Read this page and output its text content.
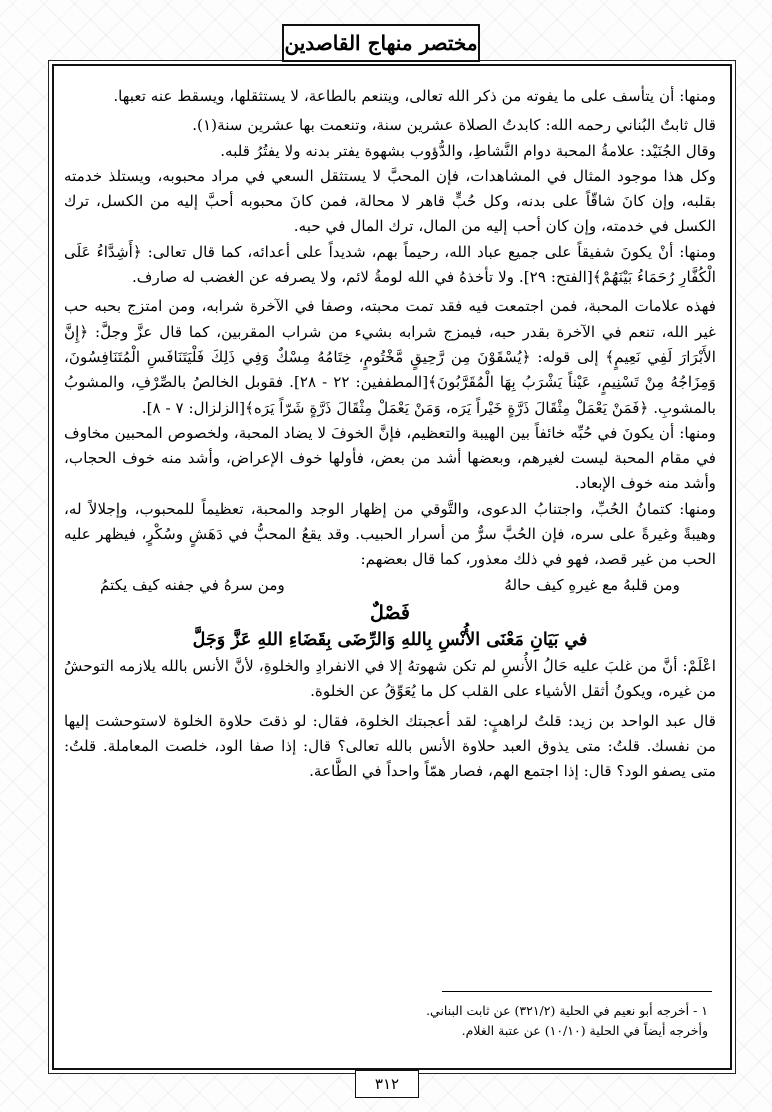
مختصر منهاج القاصدين

ومنها: أن يتأسف على ما يفوته من ذكر الله تعالى، ويتنعم بالطاعة، لا يستثقلها، ويسقط عنه تعبها.

قال ثابتٌ البُناني رحمه الله: كابدتُ الصلاة عشرين سنة، وتنعمت بها عشرين سنة(١).

وقال الجُنَيْد: علامةُ المحبة دوام النَّشاطِ، والدُّؤوب بشهوة يفتر بدنه ولا يفتُرُ قلبه.

وكل هذا موجود المثال في المشاهدات، فإن المحبَّ لا يستثقل السعي في مراد محبوبه، ويستلذ خدمته بقلبه، وإن كانَ شاقّاً على بدنه، وكل حُبٍّ قاهر لا محالة، فمن كانَ محبوبه أحبَّ إليه من الكسل، ترك الكسل في خدمته، وإن كان أحب إليه من المال، ترك المال في حبه.

ومنها: أنْ يكونَ شفيقاً على جميع عباد الله، رحيماً بهم، شديداً على أعدائه، كما قال تعالى: ﴿أَشِدَّاءُ عَلَى الْكُفَّارِ رُحَمَاءُ بَيْنَهُمْ﴾[الفتح: ٢٩]. ولا تأخذهُ في الله لومةُ لائم، ولا يصرفه عن الغضب له صارف.

فهذه علامات المحبة، فمن اجتمعت فيه فقد تمت محبته، وصفا في الآخرة شرابه، ومن امتزج بحبه حب غير الله، تنعم في الآخرة بقدر حبه، فيمزج شرابه بشيء من شراب المقربين، كما قال عزَّ وجلَّ: ﴿إِنَّ الأَبْرَارَ لَفِي نَعِيمٍ﴾ إلى قوله: ﴿يُسْقَوْنَ مِن رَّحِيقٍ مَّخْتُومٍ، خِتَامُهُ مِسْكٌ وَفِي ذَلِكَ فَلْيَتَنَافَسِ الْمُتَنَافِسُونَ، وَمِزَاجُهُ مِنْ تَسْنِيمٍ، عَيْناً يَشْرَبُ بِهَا الْمُقَرَّبُونَ﴾[المطففين: ٢٢ - ٢٨]. فقوبل الخالصُ بالصِّرْفِ، والمشوبُ بالمشوبِ. ﴿فَمَنْ يَعْمَلْ مِثْقَالَ ذَرَّةٍ خَيْراً يَرَه، وَمَنْ يَعْمَلْ مِثْقَالَ ذَرَّةٍ شَرّاً يَرَه﴾[الزلزال: ٧ - ٨].

ومنها: أن يكونَ في حُبِّه خائفاً بين الهيبة والتعظيم، فإنَّ الخوفَ لا يضاد المحبة، ولخصوص المحبين مخاوف في مقام المحبة ليست لغيرهم، وبعضها أشد من بعض، فأولها خوف الإعراض، وأشد منه خوف الحجاب، وأشد منه خوف الإبعاد.

ومنها: كتمانُ الحُبِّ، واجتنابُ الدعوى، والتَّوقي من إظهار الوجد والمحبة، تعظيماً للمحبوب، وإجلالاً له، وهيبةً وغيرةً على سره، فإن الحُبَّ سرٌّ من أسرار الحبيب. وقد يقعُ المحبُّ في دَهَشٍ وسُكْرٍ، فيظهر عليه الحب من غير قصد، فهو في ذلك معذور، كما قال بعضهم:

ومن قلبهُ مع غيرهِ كيف حالهُ
ومن سرهُ في جفنه كيف يكتمُ
فَصْلٌ
في بَيَانِ مَعْنَى الأُنْسِ بِاللهِ وَالرِّضَى بِقَضَاءِ اللهِ عَزَّ وَجَلَّ

اعْلَمْ: أنَّ من غلبَ عليه حَالُ الأُنسِ لم تكن شهوتهُ إلا في الانفرادِ والخلوةِ، لأنَّ الأنس بالله يلازمه التوحشُ من غيره، ويكونُ أثقل الأشياء على القلب كل ما يُعَوِّقُ عن الخلوة.

قال عبد الواحد بن زيد: قلتُ لراهبٍ: لقد أعجبتك الخلوة، فقال: لو ذقتَ حلاوة الخلوة لاستوحشت إليها من نفسك. قلتُ: متى يذوق العبد حلاوة الأنس بالله تعالى؟ قال: إذا صفا الود، خلصت المعاملة. قلتُ: متى يصفو الود؟ قال: إذا اجتمع الهم، فصار همّاً واحداً في الطَّاعة.

١ - أخرجه أبو نعيم في الحلية (٣٢١/٢) عن ثابت البناني.

وأخرجه أيضاً في الحلية (١٠/١٠) عن عتبة الغلام.

٣١٢
